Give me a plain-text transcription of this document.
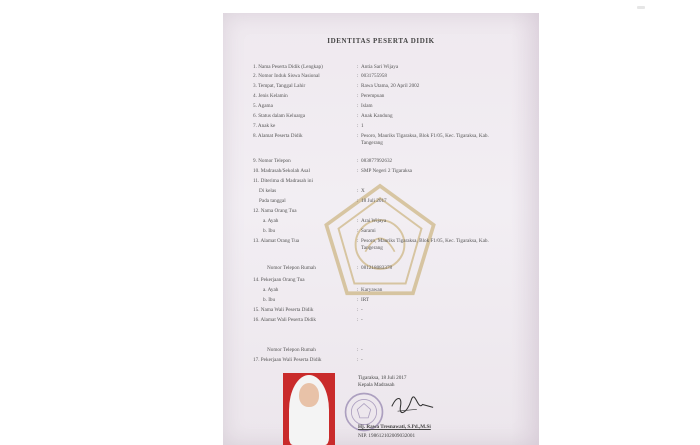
IDENTITAS PESERTA DIDIK
1. Nama Peserta Didik (Lengkap)	: Antia Sari Wijaya
2. Nomor Induk Siswa Nasional	: 0031755958
3. Tempat, Tanggal Lahir	: Rawa Utama, 20 April 2002
4. Jenis Kelamin	: Perempuan
5. Agama	: Islam
6. Status dalam Keluarga	: Anak Kandung
7. Anak ke	: 1
8. Alamat Peserta Didik	: Pesoro, Mauriks Tigaraksa, Blok F1/05, Kec. Tigaraksa, Kab. Tangerang
9. Nomor Telepon	: 083877992632
10. Madrasah/Sekolah Asal	: SMP Negeri 2 Tigaraksa
11. Diterima di Madrasah ini
Di kelas	: X
Pada tanggal	: 18 Juli 2017
12. Nama Orang Tua
a. Ayah	: Arai Wijaya
b. Ibu	: Sarami
13. Alamat Orang Tua	: Pesoro, Mauriks Tigaraksa, Blok F1/05, Kec. Tigaraksa, Kab. Tangerang
Nomor Telepon Rumah	: 081218083378
14. Pekerjaan Orang Tua
a. Ayah	: Karyawan
b. Ibu	: IRT
15. Nama Wali Peserta Didik	: -
16. Alamat Wali Peserta Didik	: -
Nomor Telepon Rumah	: -
17. Pekerjaan Wali Peserta Didik	: -
Tigaraksa, 18 Juli 2017
Kepala Madrasah
Hj. Rawa Tresnawati, S.Pd.,M.Si
NIP. 198612102009032001
